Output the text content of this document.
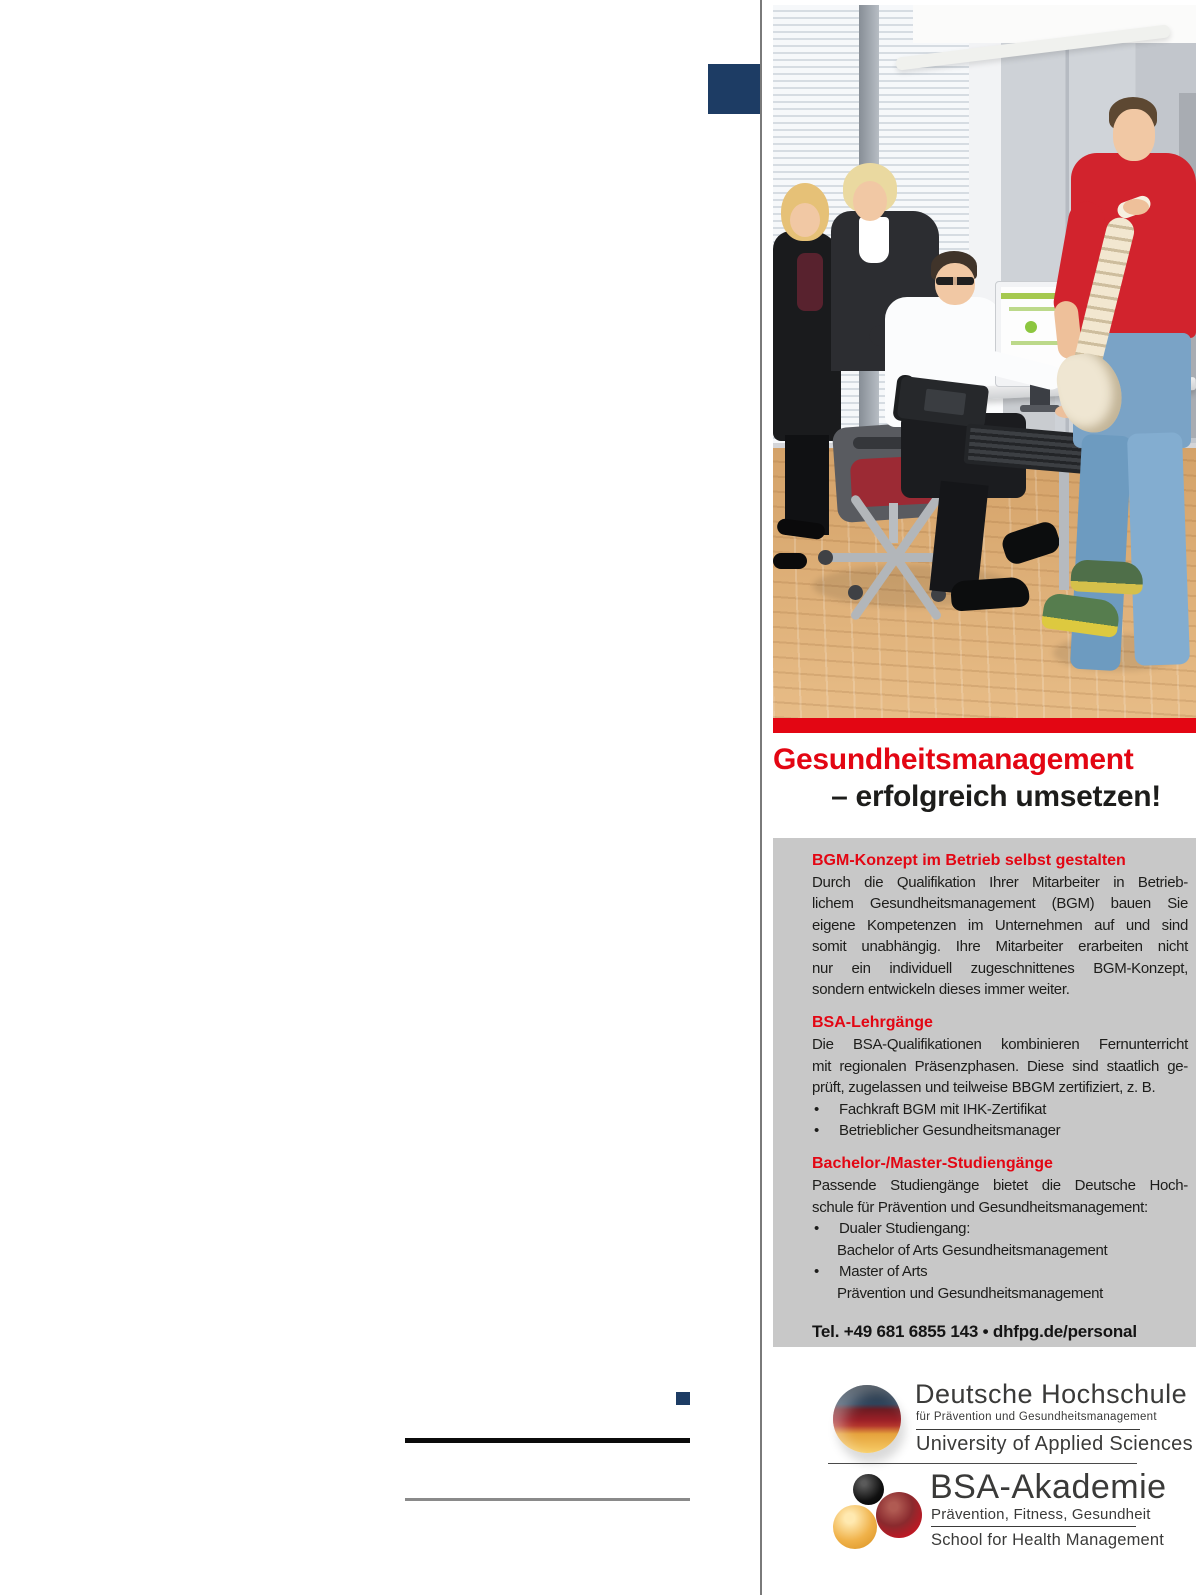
Gesundheitsmanagement
– erfolgreich umsetzen!
BGM-Konzept im Betrieb selbst gestalten
Durch die Qualifikation Ihrer Mitarbeiter in Betrieb-
lichem Gesundheitsmanagement (BGM) bauen Sie
eigene Kompetenzen im Unternehmen auf und sind
somit unabhängig. Ihre Mitarbeiter erarbeiten nicht
nur ein individuell zugeschnittenes BGM-Konzept,
sondern entwickeln dieses immer weiter.
BSA-Lehrgänge
Die BSA-Qualifikationen kombinieren Fernunterricht
mit regionalen Präsenzphasen. Diese sind staatlich ge-
prüft, zugelassen und teilweise BBGM zertifiziert, z. B.
•	Fachkraft BGM mit IHK-Zertifikat
•	Betrieblicher Gesundheitsmanager
Bachelor-/Master-Studiengänge
Passende Studiengänge bietet die Deutsche Hoch-
schule für Prävention und Gesundheitsmanagement:
•	Dualer Studiengang:
Bachelor of Arts Gesundheitsmanagement
•	Master of Arts
Prävention und Gesundheitsmanagement
Tel. +49 681 6855 143 • dhfpg.de/personal
Deutsche Hochschule
für Prävention und Gesundheitsmanagement
University of Applied Sciences
BSA-Akademie
Prävention, Fitness, Gesundheit
School for Health Management
